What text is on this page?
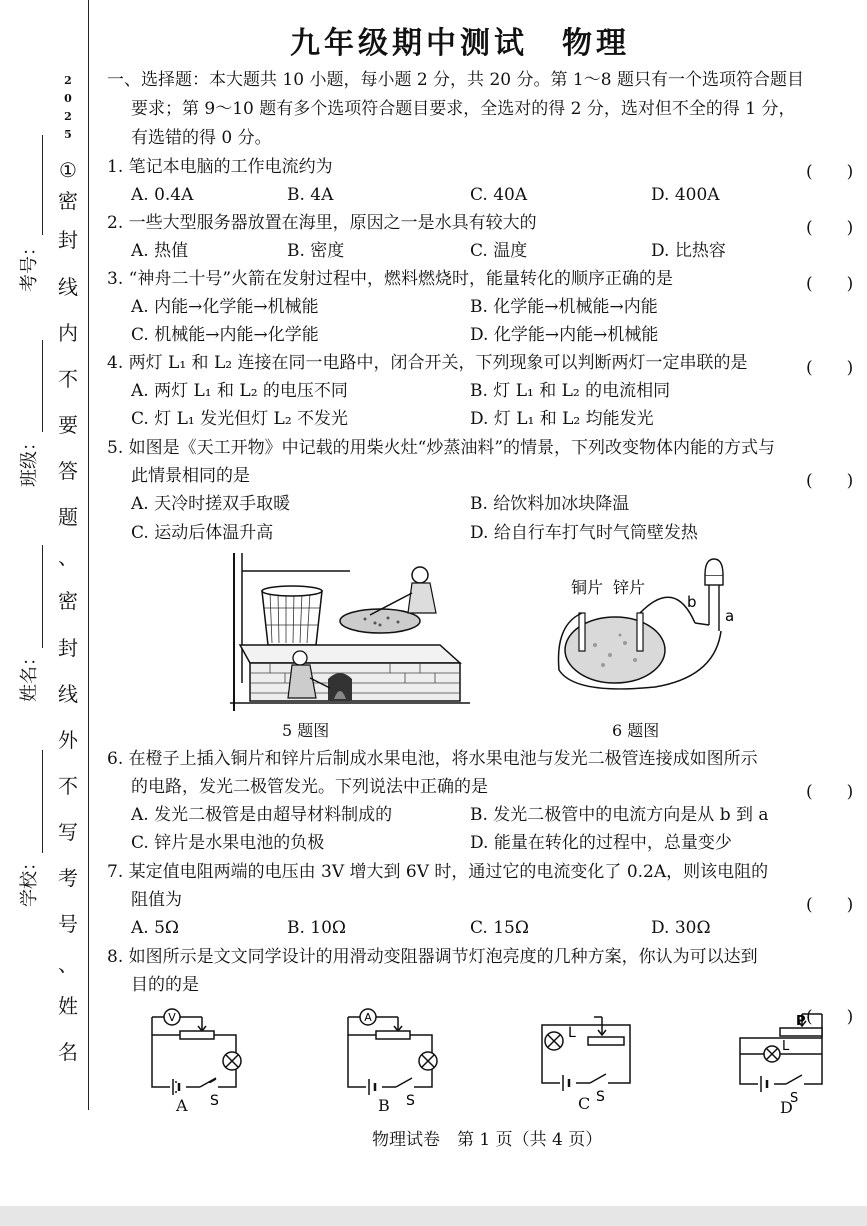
2
0
2
5
①
密
封
线
内
不
要
答
题
、
密
封
线
外
不
写
考
号
、
姓
名
考号：
班级：
姓名：
学校：
九年级期中测试　物理
一、选择题：本大题共 10 小题，每小题 2 分，共 20 分。第 1～8 题只有一个选项符合题目
要求；第 9～10 题有多个选项符合题目要求，全选对的得 2 分，选对但不全的得 1 分，
有选错的得 0 分。
1. 笔记本电脑的工作电流约为	(　　)
A. 0.4A	B. 4A	C. 40A	D. 400A
2. 一些大型服务器放置在海里，原因之一是水具有较大的	(　　)
A. 热值	B. 密度	C. 温度	D. 比热容
3. “神舟二十号”火箭在发射过程中，燃料燃烧时，能量转化的顺序正确的是	(　　)
A. 内能→化学能→机械能	B. 化学能→机械能→内能
C. 机械能→内能→化学能	D. 化学能→内能→机械能
4. 两灯 L₁ 和 L₂ 连接在同一电路中，闭合开关，下列现象可以判断两灯一定串联的是	(　　)
A. 两灯 L₁ 和 L₂ 的电压不同	B. 灯 L₁ 和 L₂ 的电流相同
C. 灯 L₁ 发光但灯 L₂ 不发光	D. 灯 L₁ 和 L₂ 均能发光
5. 如图是《天工开物》中记载的用柴火灶“炒蒸油料”的情景，下列改变物体内能的方式与
此情景相同的是	(　　)
A. 天冷时搓双手取暖	B. 给饮料加冰块降温
C. 运动后体温升高	D. 给自行车打气时气筒壁发热
5 题图
铜片 锌片
b
a
6 题图
6. 在橙子上插入铜片和锌片后制成水果电池，将水果电池与发光二极管连接成如图所示
的电路，发光二极管发光。下列说法中正确的是	(　　)
A. 发光二极管是由超导材料制成的	B. 发光二极管中的电流方向是从 b 到 a
C. 锌片是水果电池的负极	D. 能量在转化的过程中，总量变少
7. 某定值电阻两端的电压由 3V 增大到 6V 时，通过它的电流变化了 0.2A，则该电阻的
阻值为	(　　)
A. 5Ω	B. 10Ω	C. 15Ω	D. 30Ω
8. 如图所示是文文同学设计的用滑动变阻器调节灯泡亮度的几种方案，你认为可以达到
目的的是
(　　)
V
S
A
A
S
B
L
S
C
P
L
S
D
物理试卷　第 1 页（共 4 页）
